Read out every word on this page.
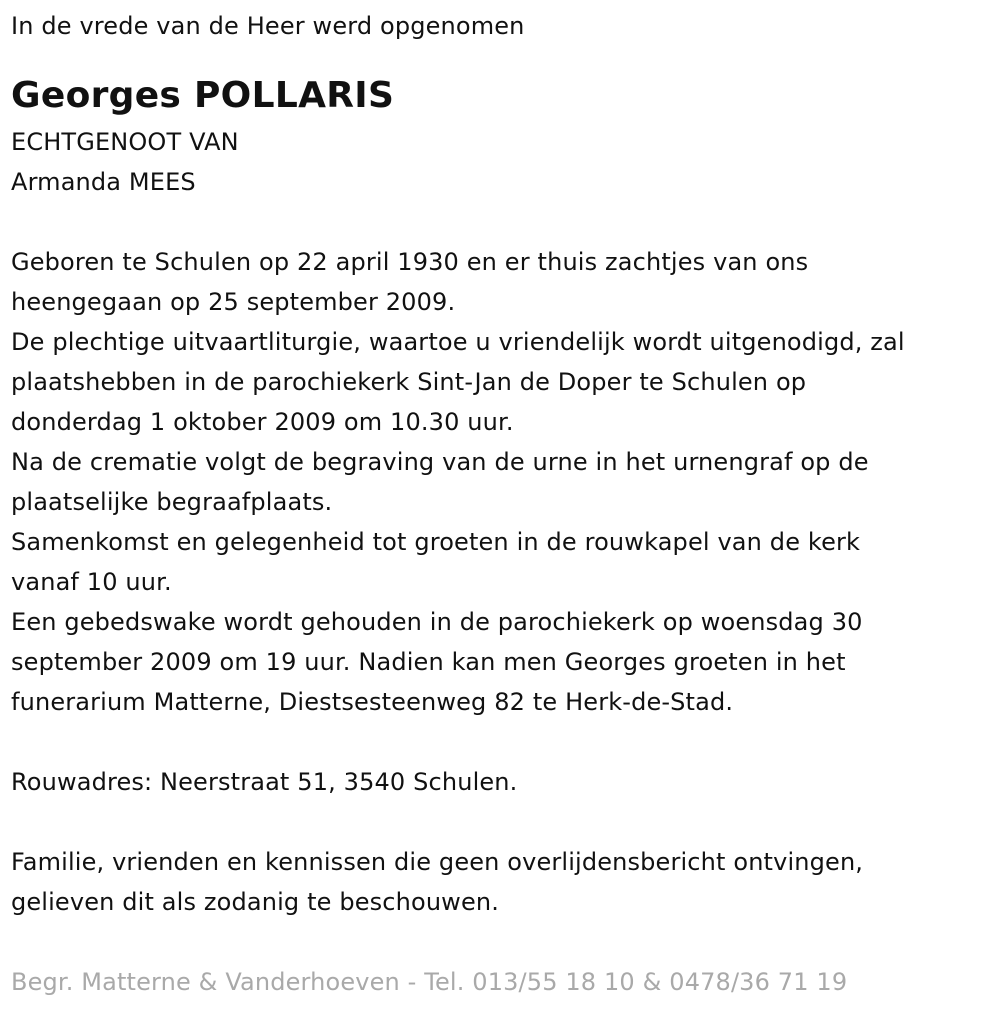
In de vrede van de Heer werd opgenomen

Georges POLLARIS

ECHTGENOOT VAN

Armanda MEES

Geboren te Schulen op 22 april 1930 en er thuis zachtjes van ons

heengegaan op 25 september 2009.

De plechtige uitvaartliturgie, waartoe u vriendelijk wordt uitgenodigd, zal

plaatshebben in de parochiekerk Sint-Jan de Doper te Schulen op

donderdag 1 oktober 2009 om 10.30 uur.

Na de crematie volgt de begraving van de urne in het urnengraf op de

plaatselijke begraafplaats.

Samenkomst en gelegenheid tot groeten in de rouwkapel van de kerk

vanaf 10 uur.

Een gebedswake wordt gehouden in de parochiekerk op woensdag 30

september 2009 om 19 uur. Nadien kan men Georges groeten in het

funerarium Matterne, Diestsesteenweg 82 te Herk-de-Stad.

Rouwadres: Neerstraat 51, 3540 Schulen.

Familie, vrienden en kennissen die geen overlijdensbericht ontvingen,

gelieven dit als zodanig te beschouwen.

Begr. Matterne & Vanderhoeven - Tel. 013/55 18 10 & 0478/36 71 19
